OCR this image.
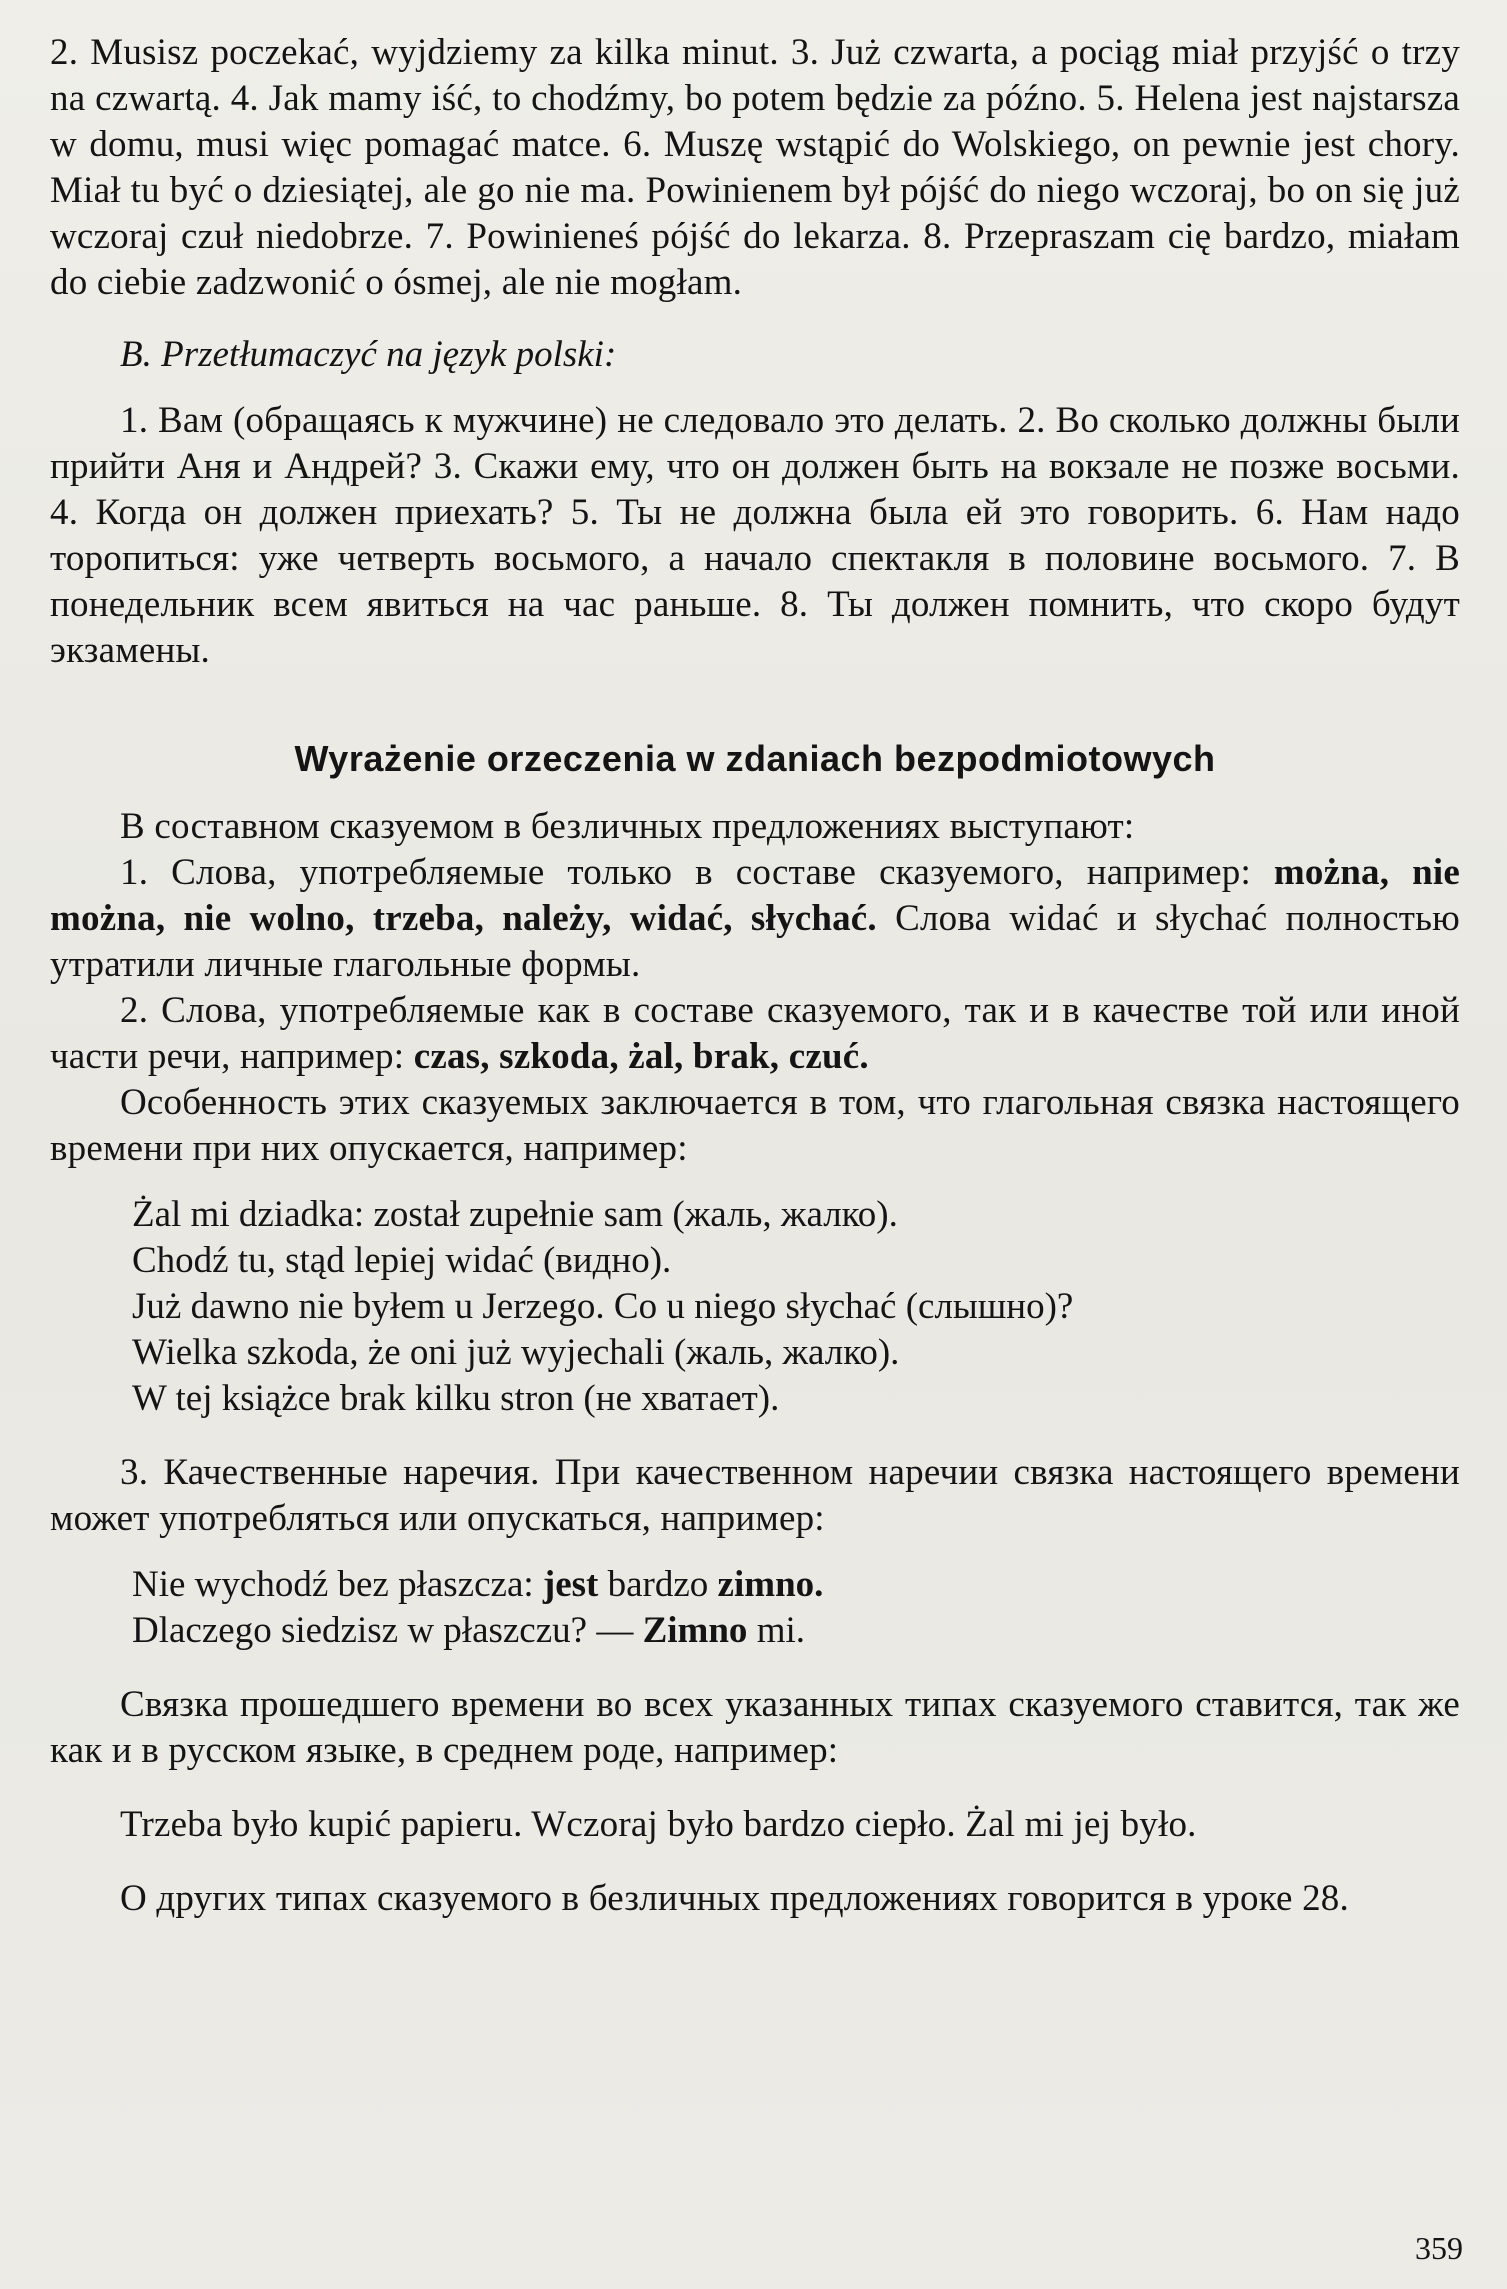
2. Musisz poczekać, wyjdziemy za kilka minut. 3. Już czwarta, a pociąg miał przyjść o trzy na czwartą. 4. Jak mamy iść, to chodźmy, bo potem będzie za późno. 5. Helena jest najstarsza w domu, musi więc pomagać matce. 6. Muszę wstąpić do Wolskiego, on pewnie jest chory. Miał tu być o dziesiątej, ale go nie ma. Powinienem był pójść do niego wczoraj, bo on się już wczoraj czuł niedobrze. 7. Powinieneś pójść do lekarza. 8. Przepraszam cię bardzo, miałam do ciebie zadzwonić o ósmej, ale nie mogłam.

B. Przetłumaczyć na język polski:

1. Вам (обращаясь к мужчине) не следовало это делать. 2. Во сколько должны были прийти Аня и Андрей? 3. Скажи ему, что он должен быть на вокзале не позже восьми. 4. Когда он должен приехать? 5. Ты не должна была ей это говорить. 6. Нам надо торопиться: уже четверть восьмого, а начало спектакля в половине восьмого. 7. В понедельник всем явиться на час раньше. 8. Ты должен помнить, что скоро будут экзамены.

Wyrażenie orzeczenia w zdaniach bezpodmiotowych

В составном сказуемом в безличных предложениях выступают:

1. Слова, употребляемые только в составе сказуемого, например: można, nie można, nie wolno, trzeba, należy, widać, słychać. Слова widać и słychać полностью утратили личные глагольные формы.

2. Слова, употребляемые как в составе сказуемого, так и в качестве той или иной части речи, например: czas, szkoda, żal, brak, czuć.

Особенность этих сказуемых заключается в том, что глагольная связка настоящего времени при них опускается, например:

Żal mi dziadka: został zupełnie sam (жаль, жалко).

Chodź tu, stąd lepiej widać (видно).

Już dawno nie byłem u Jerzego. Co u niego słychać (слышно)?

Wielka szkoda, że oni już wyjechali (жаль, жалко).

W tej książce brak kilku stron (не хватает).

3. Качественные наречия. При качественном наречии связка настоящего времени может употребляться или опускаться, например:

Nie wychodź bez płaszcza: jest bardzo zimno.

Dlaczego siedzisz w płaszczu? — Zimno mi.

Связка прошедшего времени во всех указанных типах сказуемого ставится, так же как и в русском языке, в среднем роде, например:

Trzeba było kupić papieru. Wczoraj było bardzo ciepło. Żal mi jej było.

О других типах сказуемого в безличных предложениях говорится в уроке 28.

359
